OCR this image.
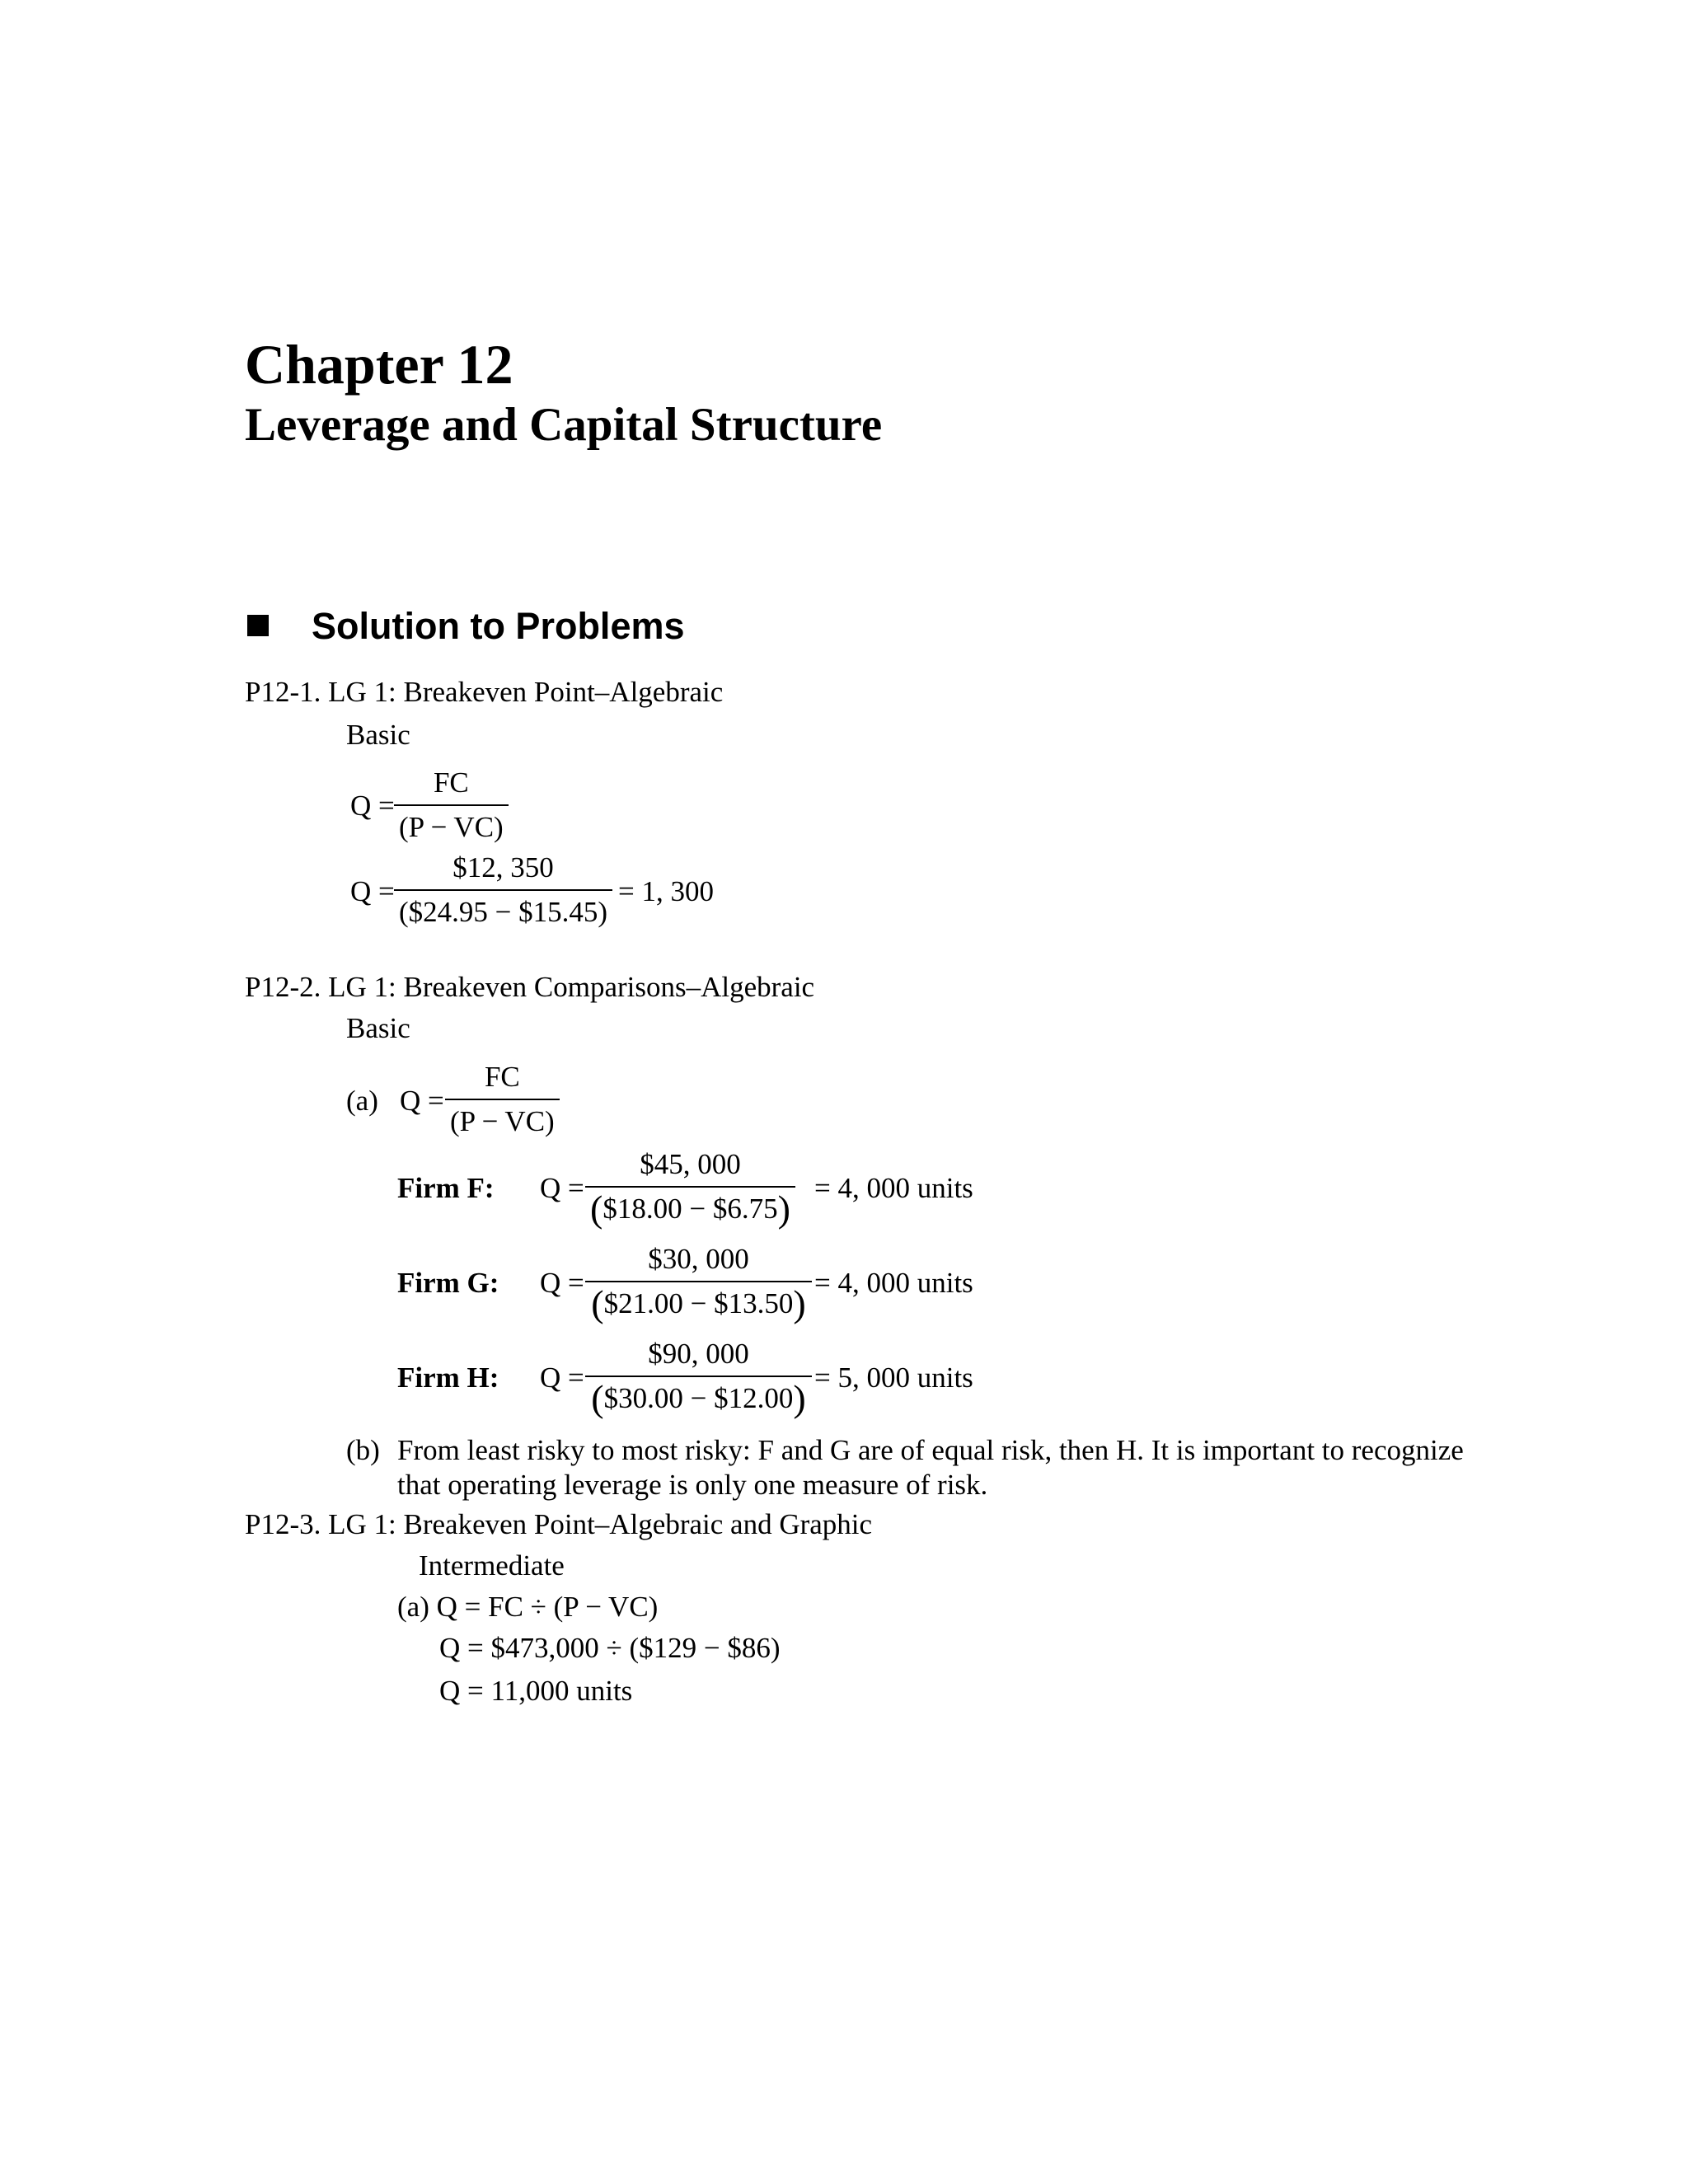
Chapter 12
Leverage and Capital Structure
Solution to Problems
P12-1. LG 1: Breakeven Point–Algebraic
Basic
$Q = \frac{FC}{(P - VC)}$
$Q = \frac{\$12, 350}{(\$24.95 - \$15.45)} = 1$, 300
P12-2. LG 1: Breakeven Comparisons–Algebraic
Basic
(a) $Q = \frac{FC}{(P - VC)}$
Firm F: $Q = \frac{\$45, 000}{(\$18.00 - \$6.75)} = 4$, 000 units
Firm G: $Q = \frac{\$30, 000}{(\$21.00 - \$13.50)} = 4$, 000 units
Firm H: $Q = \frac{\$90, 000}{(\$30.00 - \$12.00)} = 5$, 000 units
(b) From least risky to most risky: F and G are of equal risk, then H. It is important to recognize
that operating leverage is only one measure of risk.
P12-3. LG 1: Breakeven Point–Algebraic and Graphic
Intermediate
(a) Q = FC ÷ (P − VC)
Q = $473,000 ÷ ($129 − $86)
Q = 11,000 units
